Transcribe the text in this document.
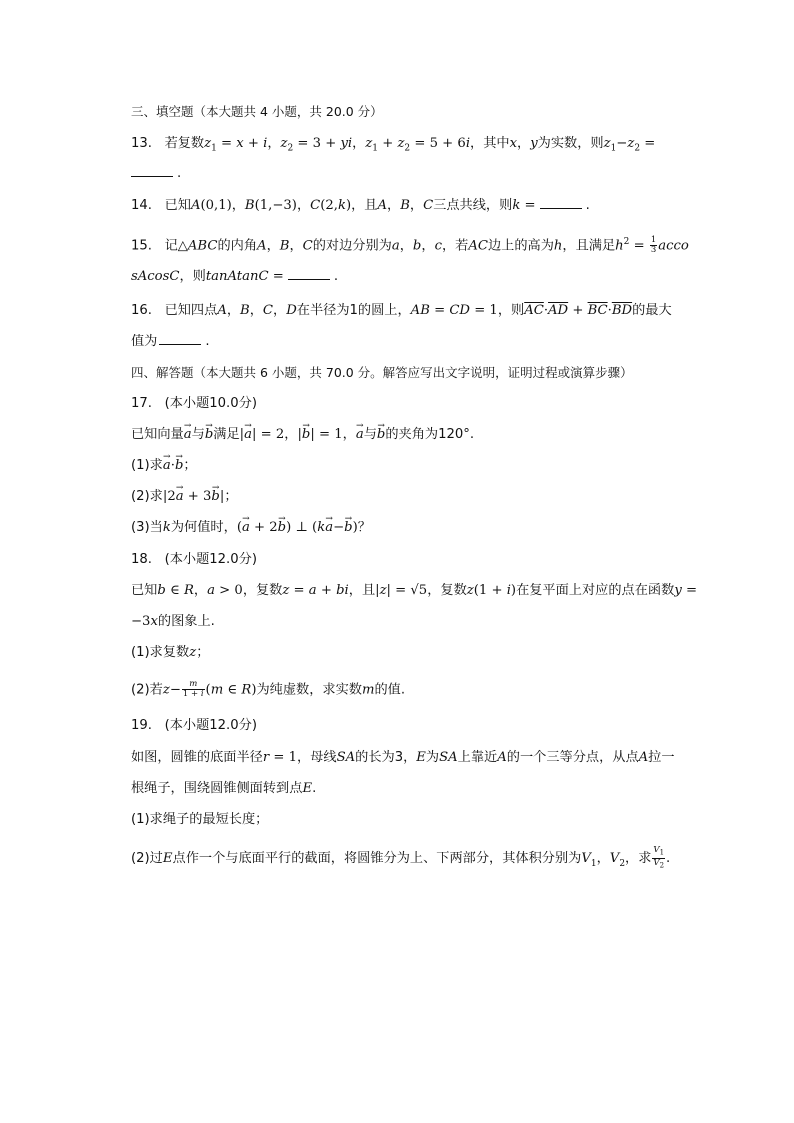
三、填空题（本大题共 4 小题，共 20.0 分）
13. 若复数$z_1 = x + i$，$z_2 = 3$ + yi，$z_1 + z_2 = 5 + 6i$，其中x，y为实数，则$z_1-z_2$ =
.
14. 已知A(0,1)，B(1,−3)，C(2,k)，且A，B，C三点共线，则k =	.
15. 记△ABC的内角A，B，C的对边分别为a，b，c，若AC边上的高为h，且满足$h^2 = \frac{1}{3}$ acco
sAcosC，则tanAtanC =	.
16. 已知四点A，B，C，D在半径为1的圆上，AB = CD = 1，则$\overline{AC}\cdot\overline{AD} + \overline{BC}\cdot\overline{BD}$的最大
值为	.
四、解答题（本大题共 6 小题，共 70.0 分。解答应写出文字说明，证明过程或演算步骤）
17. (本小题10.0分)
已知向量→ a与→ b满足|→ a| = 2，|→ b| = 1，→ a与→ b的夹角为120°.
(1)求→ a·→ b；
(2)求|2→ a + 3→ b|；
(3)当k为何值时，(→ a + 2→ b) ⊥ (k→ a−→ b)？
18. (本小题12.0分)
已知b ∈ R，a > 0，复数z = a + bi，且|z| = √5，复数z(1 + i)在复平面上对应的点在函数y =
−3x的图象上.
(1)求复数z；
(2)若$z- \frac{m}{1 + i} (m$ ∈ R)为纯虚数，求实数m的值.
19. (本小题12.0分)
如图，圆锥的底面半径r = 1，母线SA的长为3，E为SA上靠近A的一个三等分点，从点A拉一
根绳子，围绕圆锥侧面转到点E.
(1)求绳子的最短长度；
(2)过E点作一个与底面平行的截面，将圆锥分为上、下两部分，其体积分别为$V_1$，$V_2$，求 $\frac{V_1}{V_2}$ .
